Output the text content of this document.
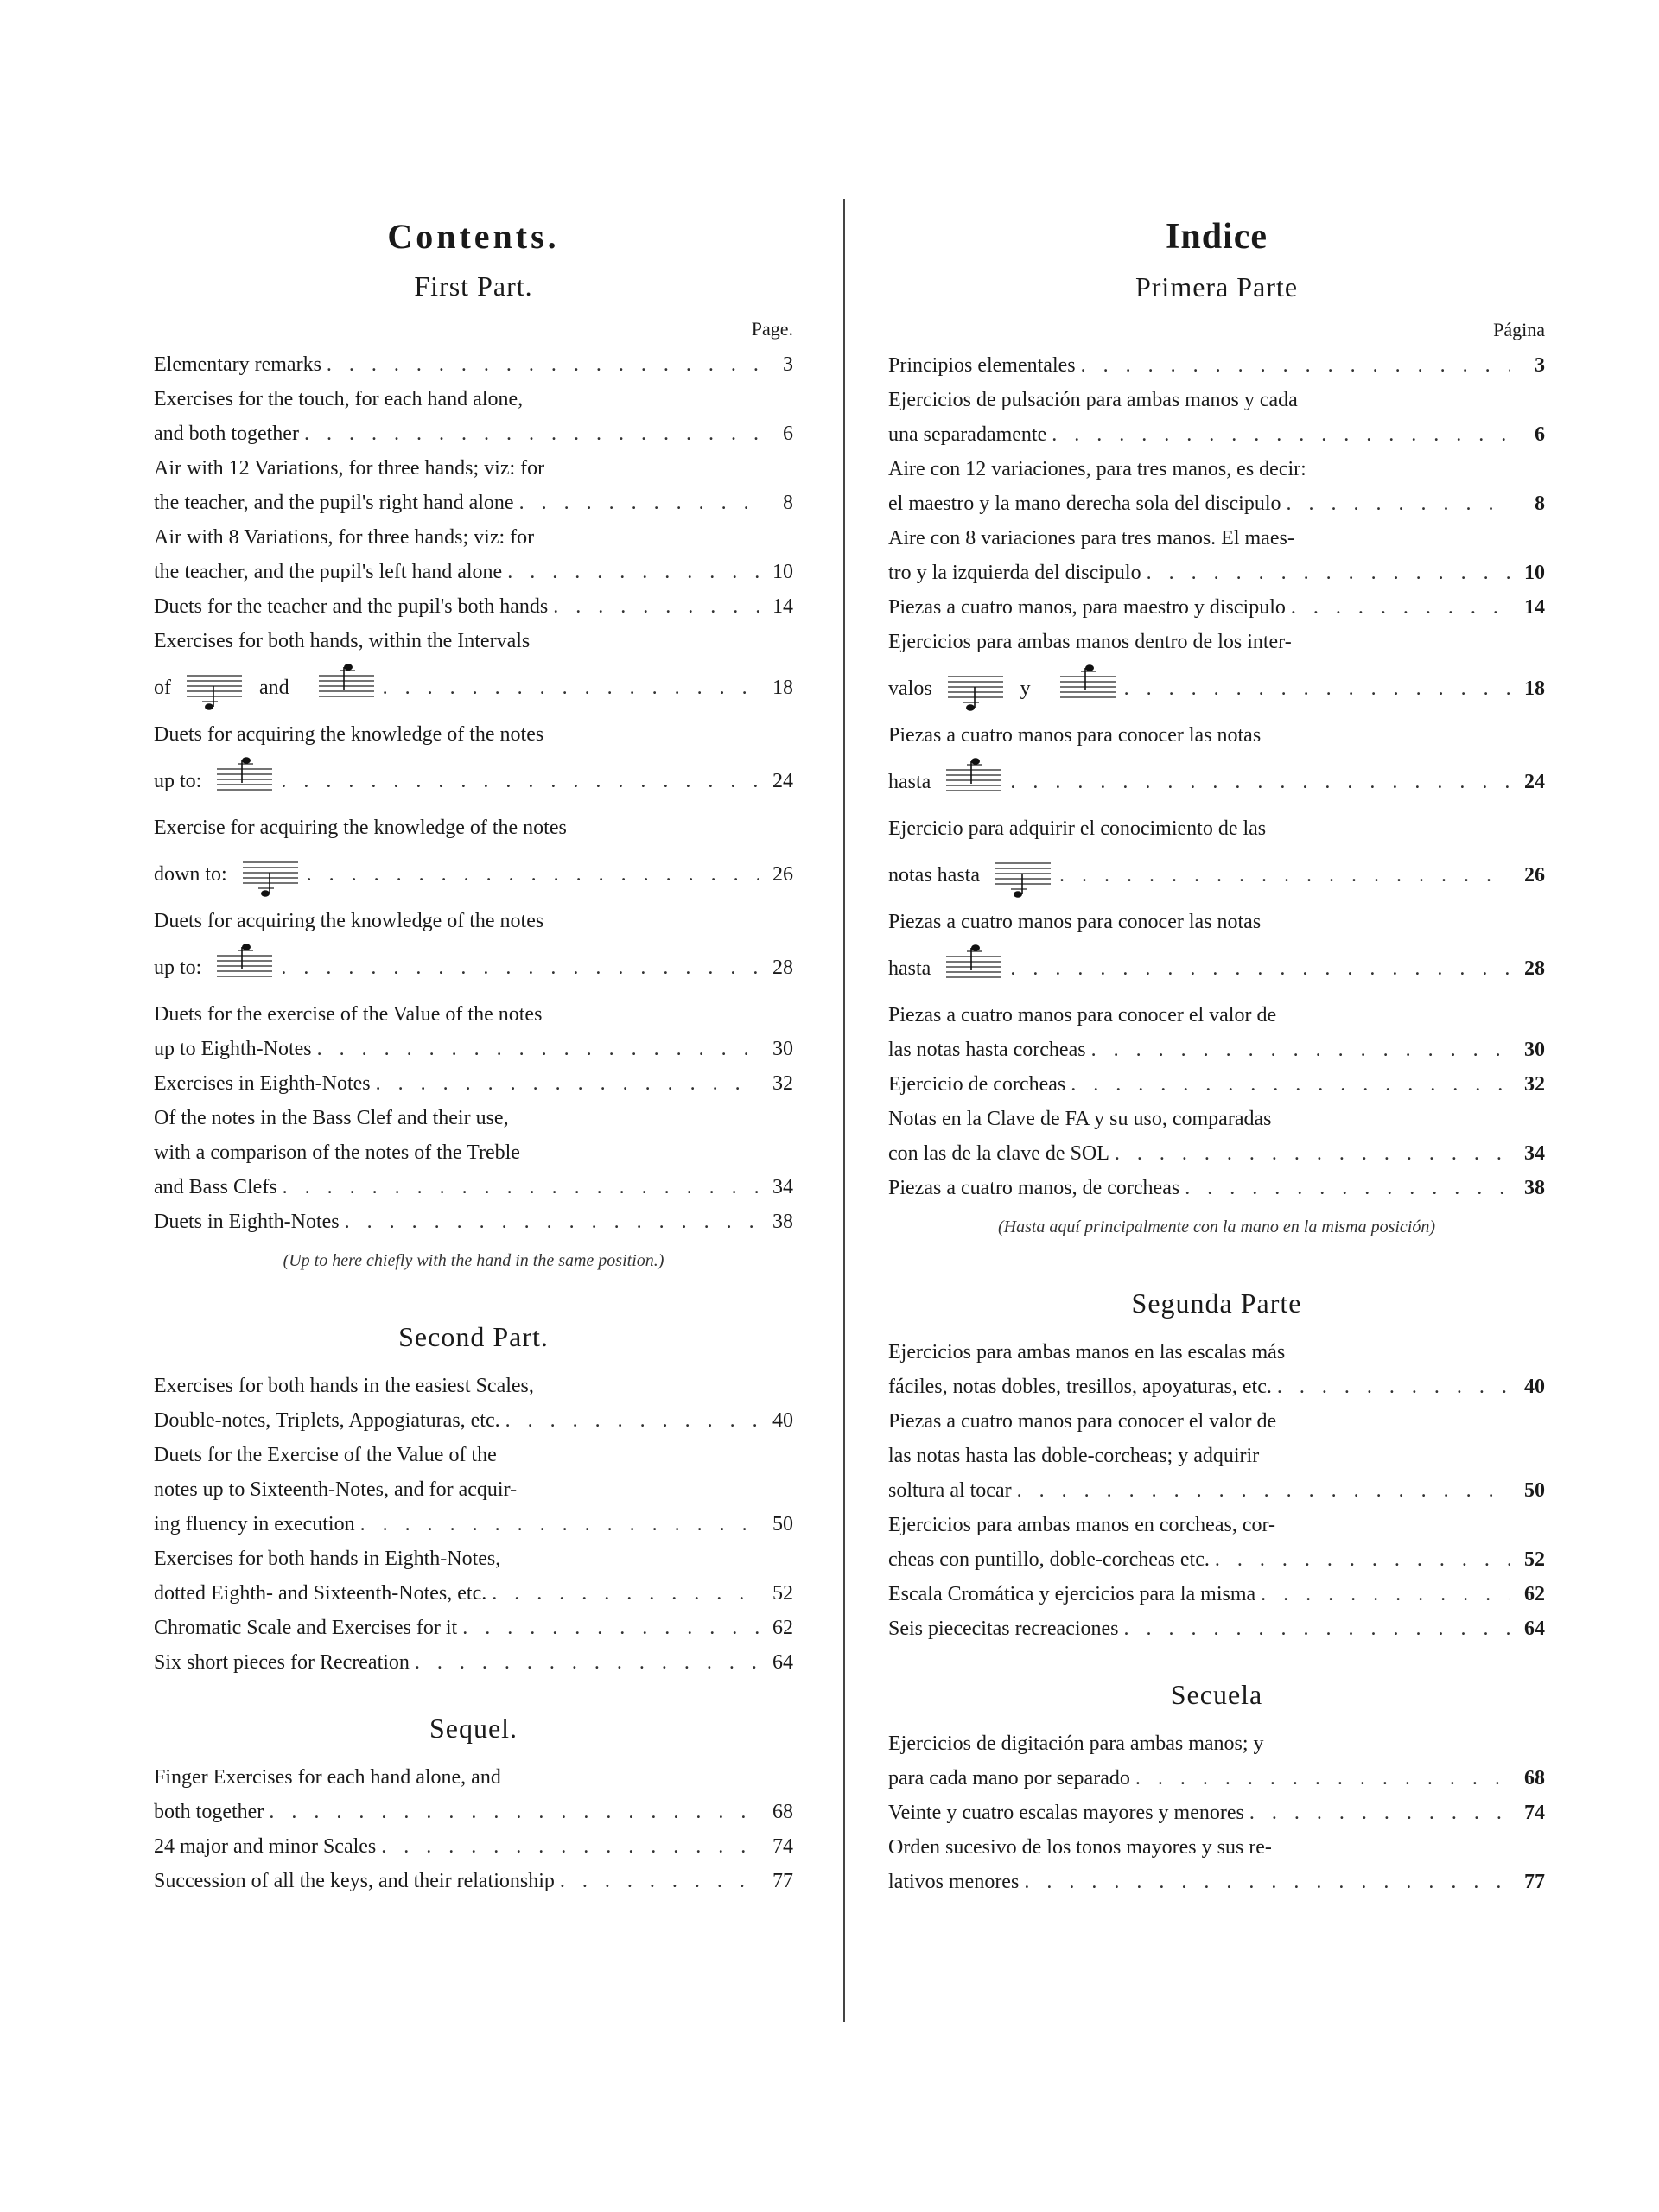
Contents.
First Part.
Page.
Elementary remarks . . .	3
Exercises for the touch, for each hand alone,
and both together . . .	6
Air with 12 Variations, for three hands; viz: for
the teacher, and the pupil's right hand alone . . .	8
Air with 8 Variations, for three hands; viz: for
the teacher, and the pupil's left hand alone . . .	10
Duets for the teacher and the pupil's both hands . . .	14
Exercises for both hands, within the Intervals
of	and . . .	18
Duets for acquiring the knowledge of the notes
up to: . . .	24
Exercise for acquiring the knowledge of the notes
down to: . . .	26
Duets for acquiring the knowledge of the notes
up to: . . .	28
Duets for the exercise of the Value of the notes
up to Eighth-Notes . . .	30
Exercises in Eighth-Notes . . .	32
Of the notes in the Bass Clef and their use,
with a comparison of the notes of the Treble
and Bass Clefs . . .	34
Duets in Eighth-Notes . . .	38
(Up to here chiefly with the hand in the same position.)
Second Part.
Exercises for both hands in the easiest Scales,
Double-notes, Triplets, Appogiaturas, etc. . . .	40
Duets for the Exercise of the Value of the
notes up to Sixteenth-Notes, and for acquir-
ing fluency in execution . . .	50
Exercises for both hands in Eighth-Notes,
dotted Eighth- and Sixteenth-Notes, etc. . . .	52
Chromatic Scale and Exercises for it . . .	62
Six short pieces for Recreation . . .	64
Sequel.
Finger Exercises for each hand alone, and
both together . . .	68
24 major and minor Scales . . .	74
Succession of all the keys, and their relationship . . .	77
Indice
Primera Parte
Página
Principios elementales . . .	3
Ejercicios de pulsación para ambas manos y cada
una separadamente . . .	6
Aire con 12 variaciones, para tres manos, es decir:
el maestro y la mano derecha sola del discipulo . . .	8
Aire con 8 variaciones para tres manos. El maes-
tro y la izquierda del discipulo . . .	10
Piezas a cuatro manos, para maestro y discipulo . . .	14
Ejercicios para ambas manos dentro de los inter-
valos	y . . .	18
Piezas a cuatro manos para conocer las notas
hasta . . .	24
Ejercicio para adquirir el conocimiento de las
notas hasta . . .	26
Piezas a cuatro manos para conocer las notas
hasta . . .	28
Piezas a cuatro manos para conocer el valor de
las notas hasta corcheas . . .	30
Ejercicio de corcheas . . .	32
Notas en la Clave de FA y su uso, comparadas
con las de la clave de SOL . . .	34
Piezas a cuatro manos, de corcheas . . .	38
(Hasta aquí principalmente con la mano en la misma posición)
Segunda Parte
Ejercicios para ambas manos en las escalas más
fáciles, notas dobles, tresillos, apoyaturas, etc. . . .	40
Piezas a cuatro manos para conocer el valor de
las notas hasta las doble-corcheas; y adquirir
soltura al tocar . . .	50
Ejercicios para ambas manos en corcheas, cor-
cheas con puntillo, doble-corcheas etc. . . .	52
Escala Cromática y ejercicios para la misma . . .	62
Seis piececitas recreaciones . . .	64
Secuela
Ejercicios de digitación para ambas manos; y
para cada mano por separado . . .	68
Veinte y cuatro escalas mayores y menores . . .	74
Orden sucesivo de los tonos mayores y sus re-
lativos menores . . .	77
